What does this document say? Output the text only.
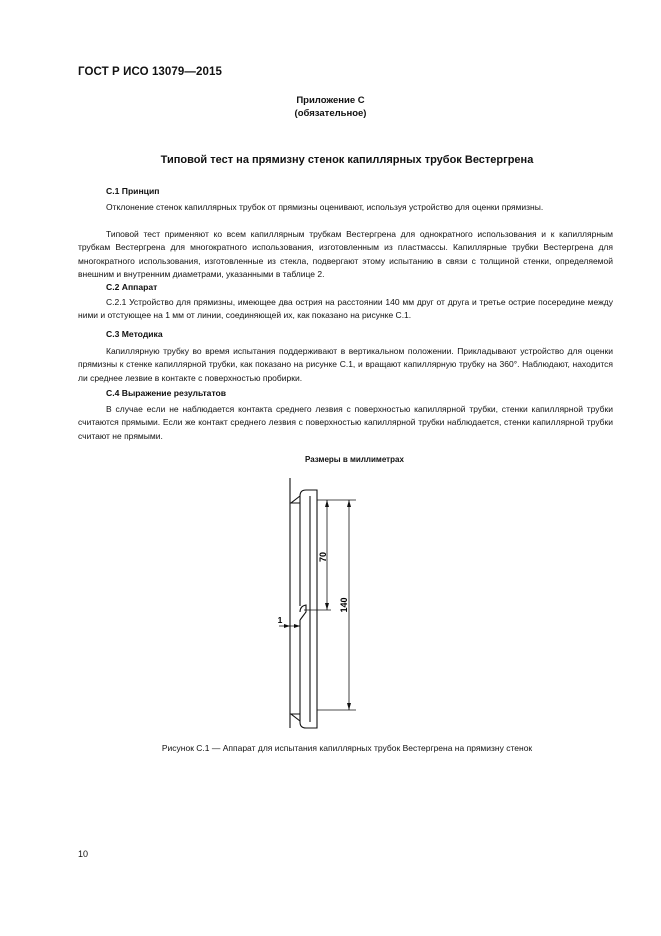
ГОСТ Р ИСО 13079—2015
Приложение С
(обязательное)
Типовой тест на прямизну стенок капиллярных трубок Вестергрена
С.1 Принцип
Отклонение стенок капиллярных трубок от прямизны оценивают, используя устройство для оценки прямизны.
Типовой тест применяют ко всем капиллярным трубкам Вестергрена для однократного использования и к капиллярным трубкам Вестергрена для многократного использования, изготовленным из пластмассы. Капиллярные трубки Вестергрена для многократного использования, изготовленные из стекла, подвергают этому испытанию в связи с толщиной стенки, определяемой внешним и внутренним диаметрами, указанными в таблице 2.
С.2 Аппарат
С.2.1 Устройство для прямизны, имеющее два острия на расстоянии 140 мм друг от друга и третье острие посередине между ними и отстующее на 1 мм от линии, соединяющей их, как показано на рисунке С.1.
С.3 Методика
Капиллярную трубку во время испытания поддерживают в вертикальном положении. Прикладывают устройство для оценки прямизны к стенке капиллярной трубки, как показано на рисунке С.1, и вращают капиллярную трубку на 360°. Наблюдают, находится ли среднее лезвие в контакте с поверхностью пробирки.
С.4 Выражение результатов
В случае если не наблюдается контакта среднего лезвия с поверхностью капиллярной трубки, стенки капиллярной трубки считаются прямыми. Если же контакт среднего лезвия с поверхностью капиллярной трубки наблюдается, стенки капиллярной трубки считают не прямыми.
Размеры в миллиметрах
70
140
1
Рисунок С.1 — Аппарат для испытания капиллярных трубок Вестергрена на прямизну стенок
10
